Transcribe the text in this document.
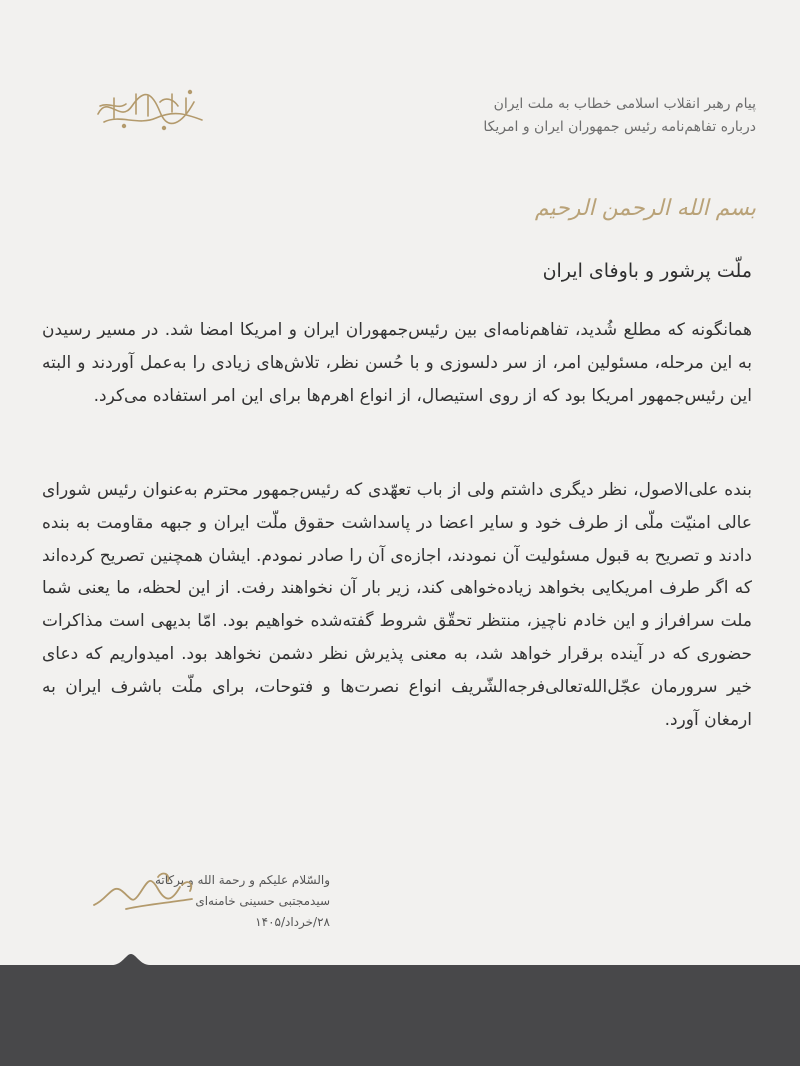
پیام رهبر انقلاب اسلامی خطاب به ملت ایران
درباره تفاهم‌نامه رئیس جمهوران ایران و امریکا
بسم الله الرحمن الرحیم
ملّت پرشور و باوفای ایران

همانگونه که مطلع شُدید، تفاهم‌نامه‌ای بین رئیس‌جمهوران ایران و امریکا امضا شد. در مسیر رسیدن به این مرحله، مسئولین امر، از سر دلسوزی و با حُسن نظر، تلاش‌های زیادی را به‌عمل آوردند و البته این رئیس‌جمهور امریکا بود که از روی استیصال، از انواع اهرم‌ها برای این امر استفاده می‌کرد.

بنده علی‌الاصول، نظر دیگری داشتم ولی از باب تعهّدی که رئیس‌جمهور محترم به‌عنوان رئیس شورای عالی امنیّت ملّی از طرف خود و سایر اعضا در پاسداشت حقوق ملّت ایران و جبهه مقاومت به بنده دادند و تصریح به قبول مسئولیت آن نمودند، اجازه‌ی آن را صادر نمودم. ایشان همچنین تصریح کرده‌اند که اگر طرف امریکایی بخواهد زیاده‌خواهی کند، زیر بار آن نخواهند رفت. از این لحظه، ما یعنی شما ملت سرافراز و این خادم ناچیز، منتظر تحقّق شروط گفته‌شده خواهیم بود. امّا بدیهی است مذاکرات حضوری که در آینده برقرار خواهد شد، به معنی پذیرش نظر دشمن نخواهد بود. امیدواریم که دعای خیر سرورمان عجّل‌الله‌تعالی‌فرجه‌الشّریف انواع نصرت‌ها و فتوحات، برای ملّت باشرف ایران به ارمغان آورد.

والسّلام علیکم و رحمة الله و برکاته
سیدمجتبی حسینی خامنه‌ای
۲۸/خرداد/۱۴۰۵
